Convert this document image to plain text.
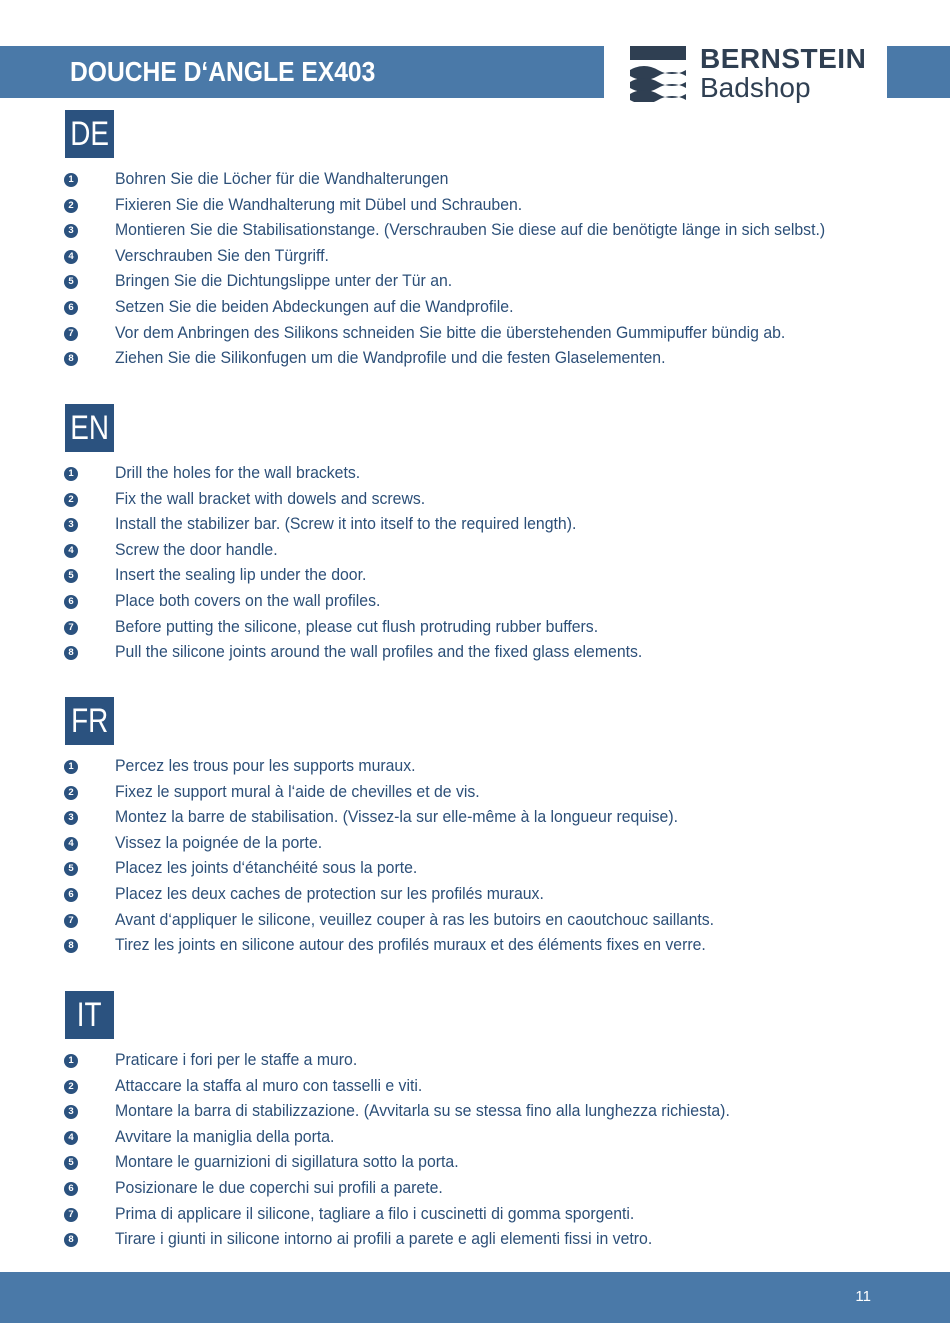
DOUCHE D‘ANGLE EX403	BERNSTEIN
Badshop
DE
1 Bohren Sie die Löcher für die Wandhalterungen
2 Fixieren Sie die Wandhalterung mit Dübel und Schrauben.
3 Montieren Sie die Stabilisationstange. (Verschrauben Sie diese auf die benötigte länge in sich selbst.)
4 Verschrauben Sie den Türgriff.
5 Bringen Sie die Dichtungslippe unter der Tür an.
6 Setzen Sie die beiden Abdeckungen auf die Wandprofile.
7 Vor dem Anbringen des Silikons schneiden Sie bitte die überstehenden Gummipuffer bündig ab.
8 Ziehen Sie die Silikonfugen um die Wandprofile und die festen Glaselementen.
EN
1 Drill the holes for the wall brackets.
2 Fix the wall bracket with dowels and screws.
3 Install the stabilizer bar. (Screw it into itself to the required length).
4 Screw the door handle.
5 Insert the sealing lip under the door.
6 Place both covers on the wall profiles.
7 Before putting the silicone, please cut flush protruding rubber buffers.
8 Pull the silicone joints around the wall profiles and the fixed glass elements.
FR
1 Percez les trous pour les supports muraux.
2 Fixez le support mural à l‘aide de chevilles et de vis.
3 Montez la barre de stabilisation. (Vissez-la sur elle-même à la longueur requise).
4 Vissez la poignée de la porte.
5 Placez les joints d‘étanchéité sous la porte.
6 Placez les deux caches de protection sur les profilés muraux.
7 Avant d‘appliquer le silicone, veuillez couper à ras les butoirs en caoutchouc saillants.
8 Tirez les joints en silicone autour des profilés muraux et des éléments fixes en verre.
IT
1 Praticare i fori per le staffe a muro.
2 Attaccare la staffa al muro con tasselli e viti.
3 Montare la barra di stabilizzazione. (Avvitarla su se stessa fino alla lunghezza richiesta).
4 Avvitare la maniglia della porta.
5 Montare le guarnizioni di sigillatura sotto la porta.
6 Posizionare le due coperchi sui profili a parete.
7 Prima di applicare il silicone, tagliare a filo i cuscinetti di gomma sporgenti.
8 Tirare i giunti in silicone intorno ai profili a parete e agli elementi fissi in vetro.
11
